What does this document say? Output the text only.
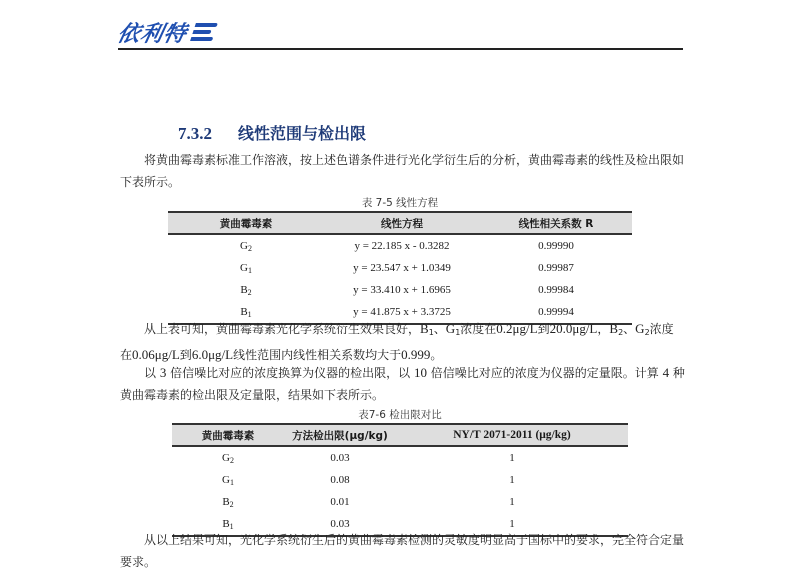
依利特
7.3.2 线性范围与检出限
将黄曲霉毒素标准工作溶液，按上述色谱条件进行光化学衍生后的分析，黄曲霉毒素的线性及检出限如下表所示。
表 7-5 线性方程
黄曲霉毒素	线性方程	线性相关系数 R
$G_2$	y = 22.185 x - 0.3282	0.99990
$G_1$	y = 23.547 x + 1.0349	0.99987
$B_2$	y = 33.410 x + 1.6965	0.99984
$B_1$	y = 41.875 x + 3.3725	0.99994
从上表可知，黄曲霉毒素光化学系统衍生效果良好，$B_1$、$G_1$浓度在0.2μg/L到20.0μg/L，$B_2$、$G_2$浓度在0.06μg/L到6.0μg/L线性范围内线性相关系数均大于0.999。
以 3 倍信噪比对应的浓度换算为仪器的检出限，以 10 倍信噪比对应的浓度为仪器的定量限。计算 4 种黄曲霉毒素的检出限及定量限，结果如下表所示。
表7-6 检出限对比
黄曲霉毒素	方法检出限(μg/kg)	NY/T 2071-2011 (μg/kg)
$G_2$	0.03	1
$G_1$	0.08	1
$B_2$	0.01	1
$B_1$	0.03	1
从以上结果可知，光化学系统衍生后的黄曲霉毒素检测的灵敏度明显高于国标中的要求，完全符合定量要求。
